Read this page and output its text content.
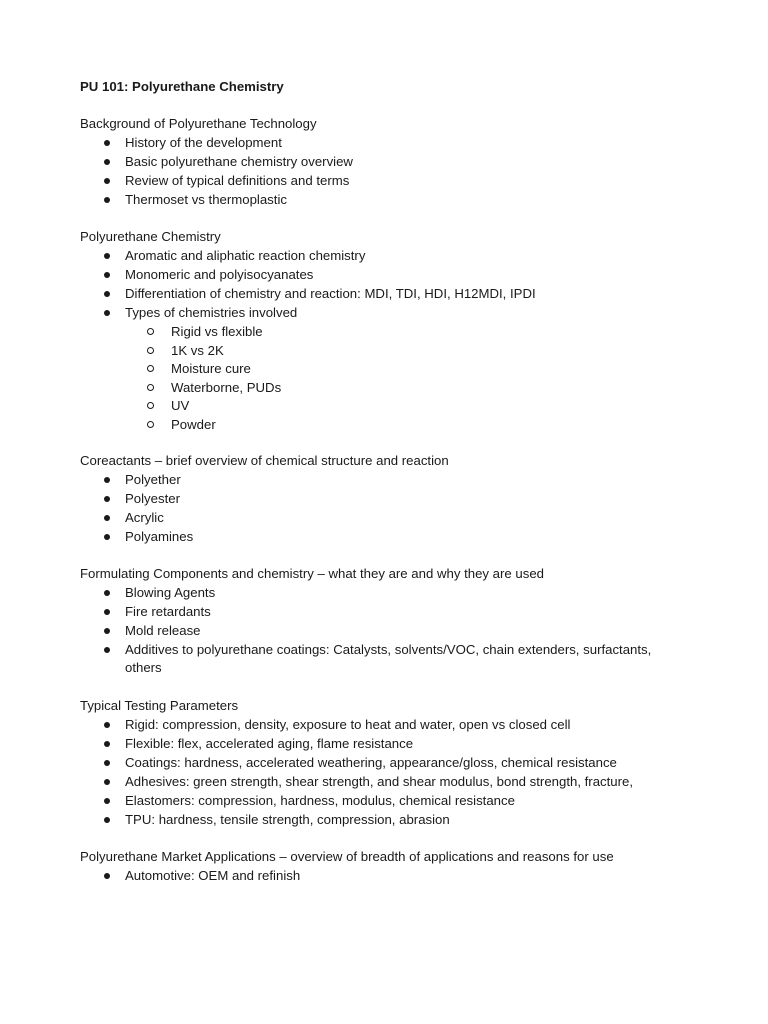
PU 101: Polyurethane Chemistry
Background of Polyurethane Technology
History of the development
Basic polyurethane chemistry overview
Review of typical definitions and terms
Thermoset vs thermoplastic
Polyurethane Chemistry
Aromatic and aliphatic reaction chemistry
Monomeric and polyisocyanates
Differentiation of chemistry and reaction: MDI, TDI, HDI, H12MDI, IPDI
Types of chemistries involved
Rigid vs flexible
1K vs 2K
Moisture cure
Waterborne, PUDs
UV
Powder
Coreactants – brief overview of chemical structure and reaction
Polyether
Polyester
Acrylic
Polyamines
Formulating Components and chemistry – what they are and why they are used
Blowing Agents
Fire retardants
Mold release
Additives to polyurethane coatings: Catalysts, solvents/VOC, chain extenders, surfactants,
others
Typical Testing Parameters
Rigid: compression, density, exposure to heat and water, open vs closed cell
Flexible: flex, accelerated aging, flame resistance
Coatings: hardness, accelerated weathering, appearance/gloss, chemical resistance
Adhesives: green strength, shear strength, and shear modulus, bond strength, fracture,
Elastomers: compression, hardness, modulus, chemical resistance
TPU: hardness, tensile strength, compression, abrasion
Polyurethane Market Applications – overview of breadth of applications and reasons for use
Automotive: OEM and refinish
